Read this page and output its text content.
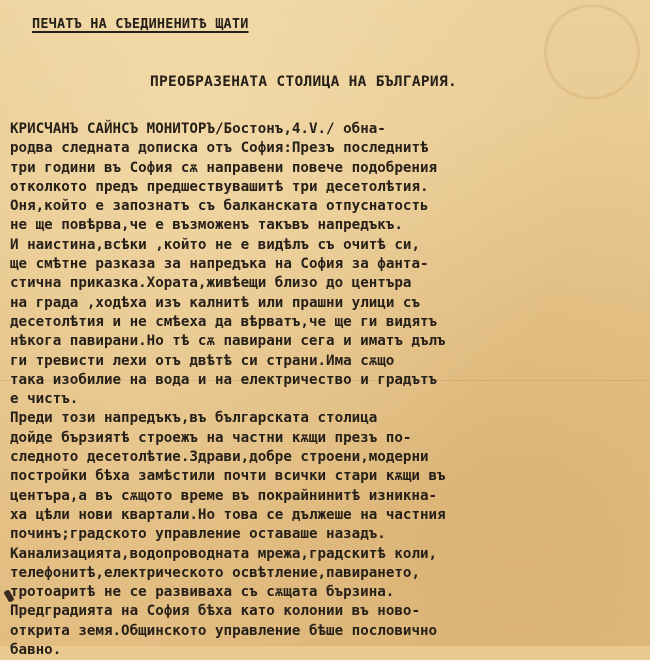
ПЕЧАТЪ НА СЪЕДИНЕНИТѢ ЩАТИ
ПРЕОБРАЗЕНАТА СТОЛИЦА НА БЪЛГАРИЯ.
КРИСЧАНЪ САЙНСЪ МОНИТОРЪ/Бостонъ,4.V./ обна-
родва следната дописка отъ София:Презъ последнитѣ
три години въ София сѫ направени повече подобрения
отколкото предъ предшествувашитѣ три десетолѣтия.
Оня,който е запознатъ съ балканската отпуснатость
не ще повѣрва,че е възможенъ такъвъ напредъкъ.
И наистина,всѣки ,който не е видѣлъ съ очитѣ си,
ще смѣтне разказа за напредъка на София за фанта-
стична приказка.Хората,живѣещи близо до центъра
на града ,ходѣха изъ калнитѣ или прашни улици съ
десетолѣтия и не смѣеха да вѣрватъ,че ще ги видятъ
нѣкога павирани.Но тѣ сѫ павирани сега и иматъ дълъ
ги тревисти лехи отъ двѣтѣ си страни.Има сѫщо
така изобилие на вода и на електричество и градътъ
е чистъ.
Преди този напредъкъ,въ българската столица
дойде бързиятѣ строежъ на частни кѫщи презъ по-
следното десетолѣтие.Здрави,добре строени,модерни
постройки бѣха замѣстили почти всички стари кѫщи въ
центъра,а въ сѫщото време въ покрайнинитѣ изникна-
ха цѣли нови квартали.Но това се дължеше на частния
починъ;градското управление оставаше назадъ.
Канализацията,водопроводната мрежа,градскитѣ коли,
телефонитѣ,електрическото освѣтление,павирането,
тротоаритѣ не се развиваха съ сѫщата бързина.
Предградията на София бѣха като колонии въ ново-
открита земя.Общинското управление бѣше пословично
бавно.
